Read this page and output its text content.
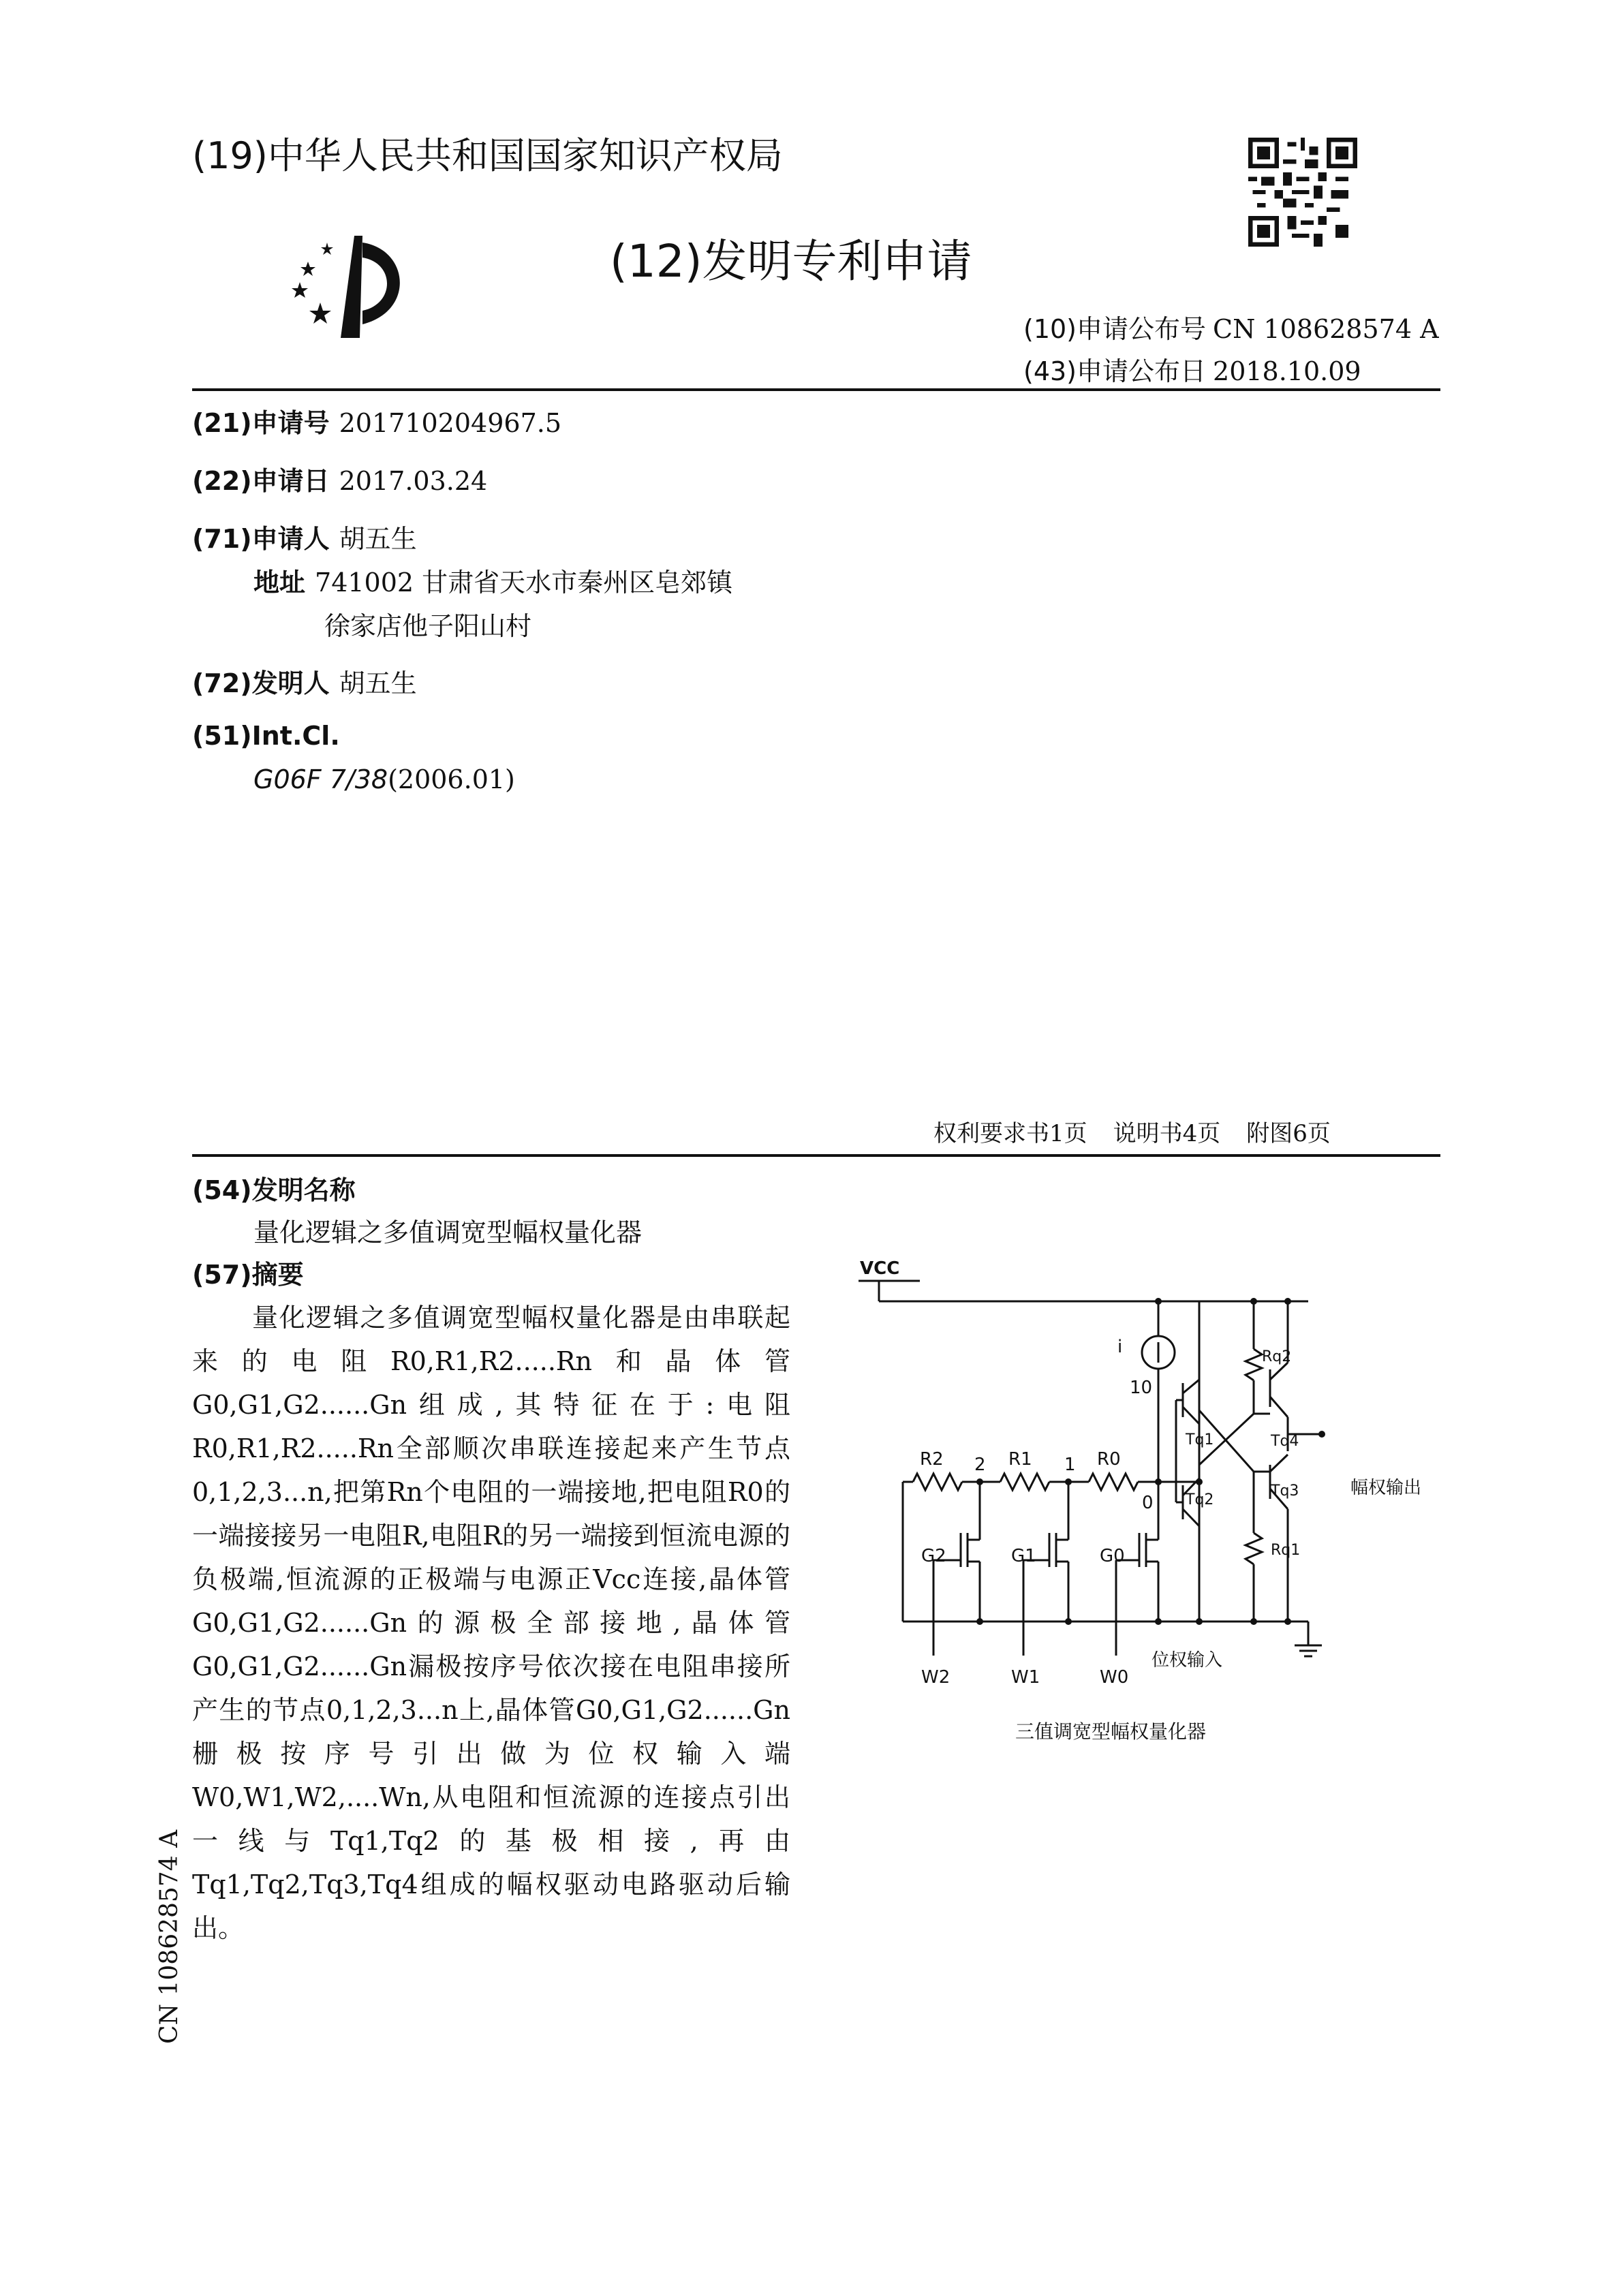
(19)中华人民共和国国家知识产权局
(12)发明专利申请
(10)申请公布号 CN 108628574 A
(43)申请公布日 2018.10.09
(21)申请号 201710204967.5
(22)申请日 2017.03.24
(71)申请人 胡五生
地址 741002 甘肃省天水市秦州区皂郊镇
徐家店他子阳山村
(72)发明人 胡五生
(51)Int.Cl.
G06F 7/38(2006.01)
权利要求书1页 说明书4页 附图6页
(54)发明名称
量化逻辑之多值调宽型幅权量化器
(57)摘要
量化逻辑之多值调宽型幅权量化器是由串联起来的电阻R0,R1,R2.....Rn和晶体管G0,G1,G2......Gn组成,其特征在于:电阻R0,R1,R2.....Rn全部顺次串联连接起来产生节点0,1,2,3...n,把第Rn个电阻的一端接地,把电阻R0的一端接接另一电阻R,电阻R的另一端接到恒流电源的负极端,恒流源的正极端与电源正Vcc连接,晶体管G0,G1,G2......Gn的源极全部接地,晶体管G0,G1,G2......Gn漏极按序号依次接在电阻串接所产生的节点0,1,2,3...n上,晶体管G0,G1,G2......Gn栅极按序号引出做为位权输入端W0,W1,W2,....Wn,从电阻和恒流源的连接点引出一线与Tq1,Tq2的基极相接,再由Tq1,Tq2,Tq3,Tq4组成的幅权驱动电路驱动后输出。
VCC
i
10
R2	R1	R0
2	1
0
G2	G1	G0
W2	W1	W0
Tq1
Tq2
Tq4
Tq3
Rq2
Rq1
幅权输出
位权输入
三值调宽型幅权量化器
CN 108628574 A
